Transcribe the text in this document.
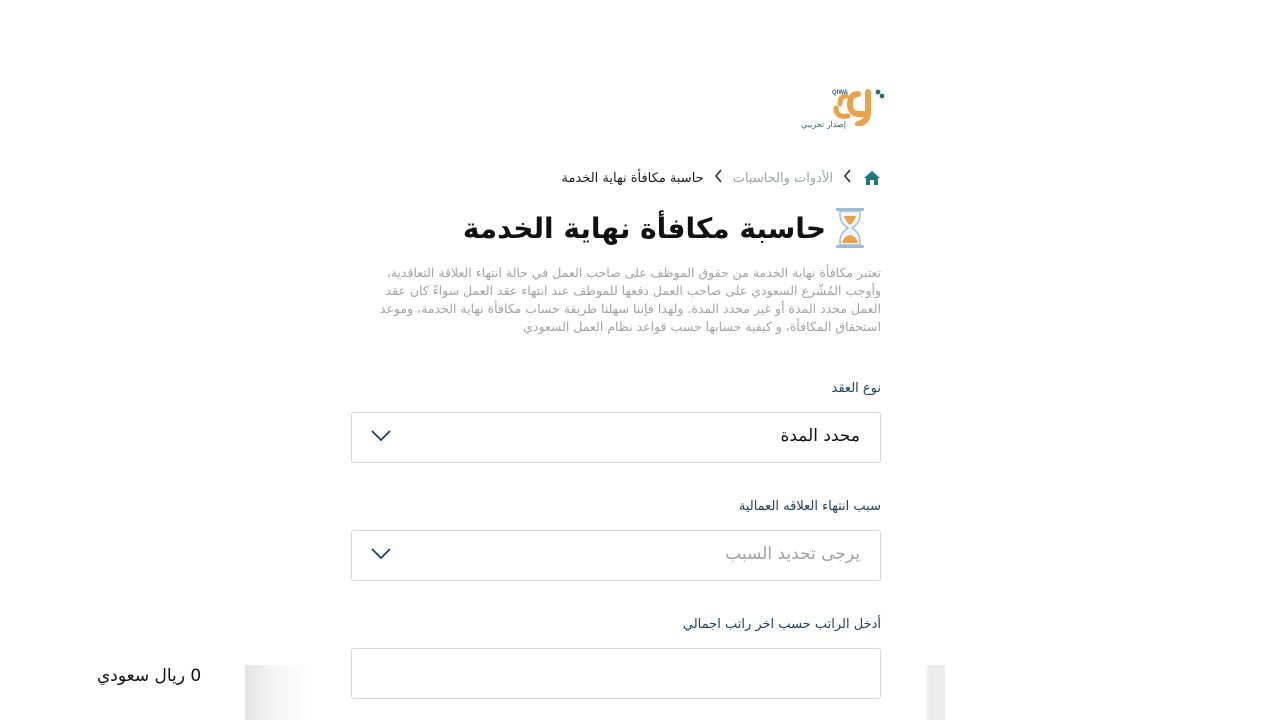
QIWA
إصدار تجريبي
الأدوات والحاسبات
حاسبة مكافأة نهاية الخدمة
حاسبة مكافأة نهاية الخدمة
تعتبر مكافأة نهاية الخدمة من حقوق الموظف على صاحب العمل في حالة انتهاء العلاقة التعاقدية،
وأوجب المُشّرع السعودي على صاحب العمل دفعها للموظف عند انتهاء عقد العمل سواءً كان عقد
العمل محدد المدة أو غير محدد المدة. ولهذا فإننا سهلنا طريقة حساب مكافأة نهاية الخدمة، وموعد
استحقاق المكافأة، و كيفية حسابها حسب قواعد نظام العمل السعودي
نوع العقد
محدد المدة
سبب انتهاء العلاقه العمالية
يرجى تحديد السبب
أدخل الراتب حسب اخر راتب اجمالي
0 ريال سعودي
